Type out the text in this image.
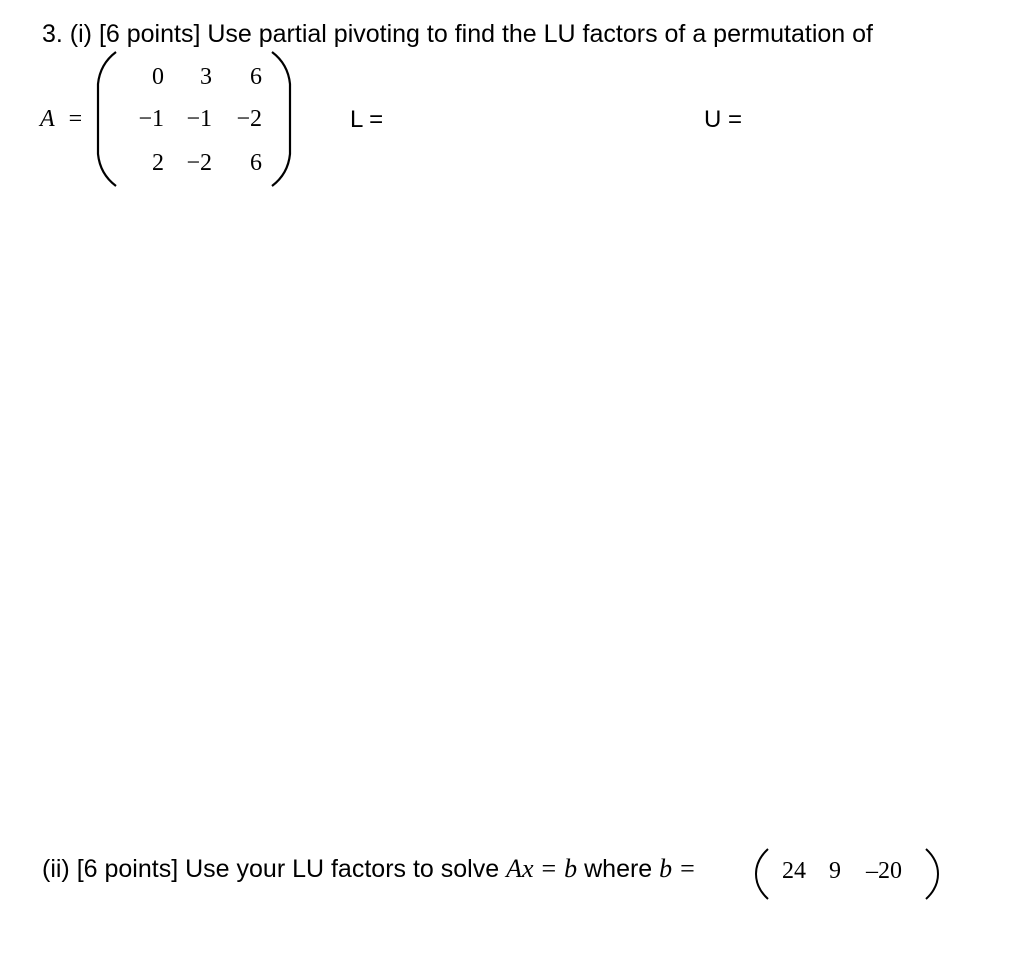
3. (i) [6 points] Use partial pivoting to find the LU factors of a permutation of
A =
0	3	6
−1 −1	−2
2 −2	6
L =	U =
(ii) [6 points] Use your LU factors to solve Ax = b where b =	24 9 –20
